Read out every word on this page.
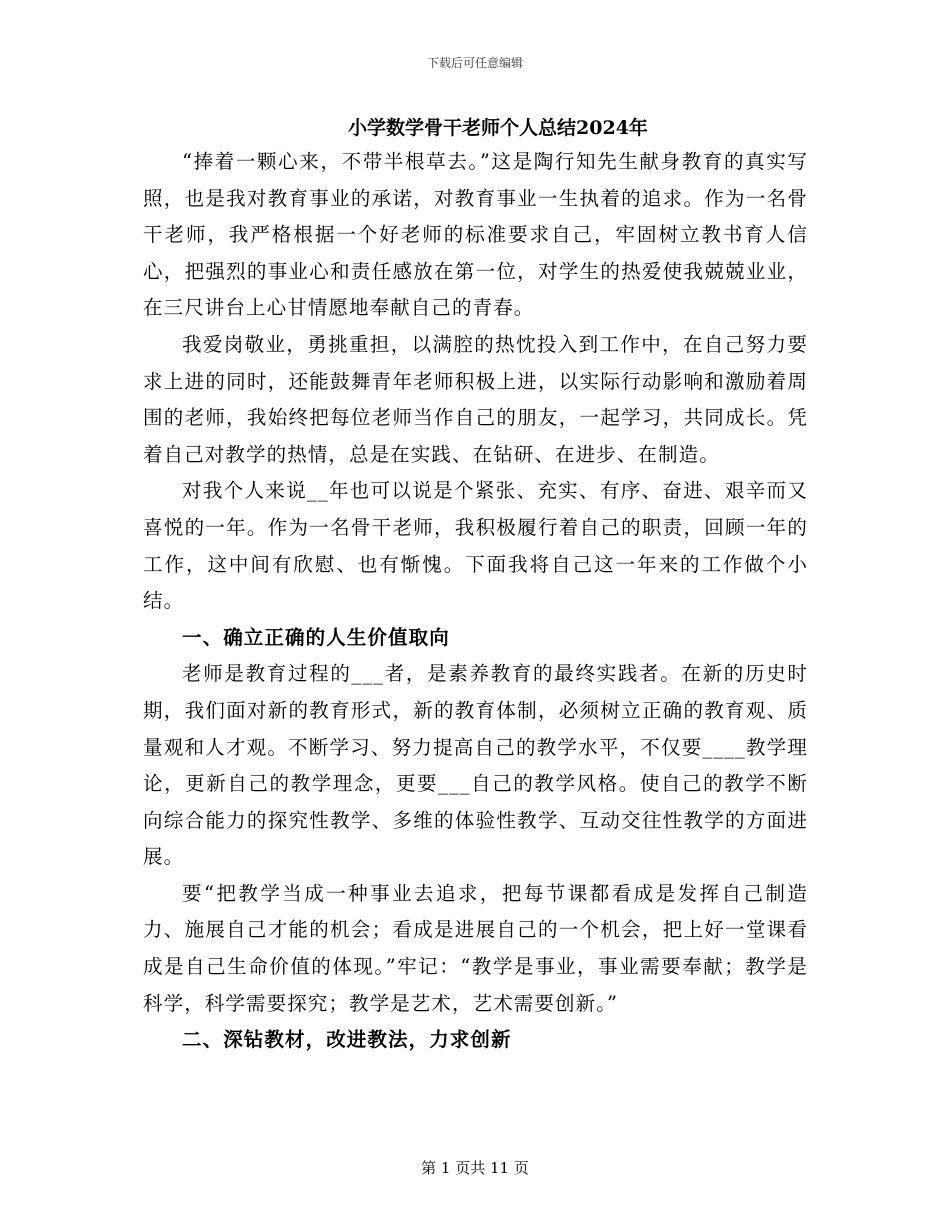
下载后可任意编辑
小学数学骨干老师个人总结2024年

“捧着一颗心来，不带半根草去。”这是陶行知先生献身教育的真实写照，也是我对教育事业的承诺，对教育事业一生执着的追求。作为一名骨干老师，我严格根据一个好老师的标准要求自己，牢固树立教书育人信心，把强烈的事业心和责任感放在第一位，对学生的热爱使我兢兢业业，在三尺讲台上心甘情愿地奉献自己的青春。

我爱岗敬业，勇挑重担，以满腔的热忱投入到工作中，在自己努力要求上进的同时，还能鼓舞青年老师积极上进，以实际行动影响和激励着周围的老师，我始终把每位老师当作自己的朋友，一起学习，共同成长。凭着自己对教学的热情，总是在实践、在钻研、在进步、在制造。

对我个人来说__年也可以说是个紧张、充实、有序、奋进、艰辛而又喜悦的一年。作为一名骨干老师，我积极履行着自己的职责，回顾一年的工作，这中间有欣慰、也有惭愧。下面我将自己这一年来的工作做个小结。

一、确立正确的人生价值取向

老师是教育过程的___者，是素养教育的最终实践者。在新的历史时期，我们面对新的教育形式，新的教育体制，必须树立正确的教育观、质量观和人才观。不断学习、努力提高自己的教学水平，不仅要____教学理论，更新自己的教学理念，更要___自己的教学风格。使自己的教学不断向综合能力的探究性教学、多维的体验性教学、互动交往性教学的方面进展。

要“把教学当成一种事业去追求，把每节课都看成是发挥自己制造力、施展自己才能的机会；看成是进展自己的一个机会，把上好一堂课看成是自己生命价值的体现。”牢记：“教学是事业，事业需要奉献；教学是科学，科学需要探究；教学是艺术，艺术需要创新。”

二、深钻教材，改进教法，力求创新

第 1 页共 11 页
